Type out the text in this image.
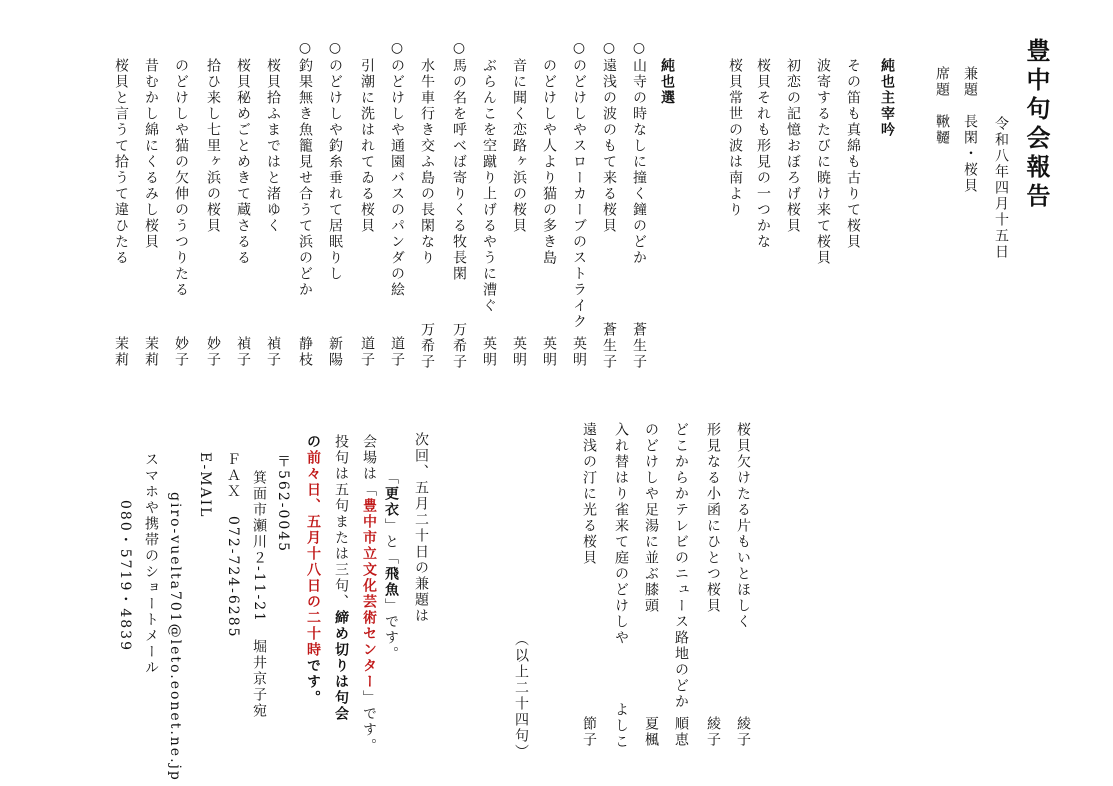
豊中句会報告
令和八年四月十五日
兼題　長閑・桜貝
席題　鞦韆
純也主宰吟
その笛も真綿も古りて桜貝
波寄するたびに暁け来て桜貝
初恋の記憶おぼろげ桜貝
桜貝それも形見の一つかな
桜貝常世の波は南より
純也選
○
山寺の時なしに撞く鐘のどか
蒼生子
○
遠浅の波のもて来る桜貝
蒼生子
○
のどけしやスローカーブのストライク
英明
のどけしや人より猫の多き島
英明
音に聞く恋路ヶ浜の桜貝
英明
ぶらんこを空蹴り上げるやうに漕ぐ
英明
○
馬の名を呼べば寄りくる牧長閑
万希子
水牛車行き交ふ島の長閑なり
万希子
○
のどけしや通園バスのパンダの絵
道子
引潮に洗はれてゐる桜貝
道子
○
のどけしや釣糸垂れて居眠りし
新陽
○
釣果無き魚籠見せ合うて浜のどか
静枝
桜貝拾ふまではと渚ゆく
禎子
桜貝秘めごとめきて蔵さるる
禎子
拾ひ来し七里ヶ浜の桜貝
妙子
のどけしや猫の欠伸のうつりたる
妙子
昔むかし綿にくるみし桜貝
茉莉
桜貝と言うて拾うて違ひたる
茉莉
桜貝欠けたる片もいとほしく
綾子
形見なる小函にひとつ桜貝
綾子
どこからかテレビのニュース路地のどか
順恵
のどけしや足湯に並ぶ膝頭
夏楓
入れ替はり雀来て庭のどけしや
よしこ
遠浅の汀に光る桜貝
節子
（以上二十四句）
次回、五月二十日の兼題は
「更衣」と「飛魚」です。
会場は「豊中市立文化芸術センター」です。
投句は五句または三句、締め切りは句会
の前々日、五月十八日の二十時です。
〒562-0045
箕面市瀬川２-11-21　堀井京子宛
ＦＡＸ　072-724-6285
E-MAIL
giro-vuelta701@leto.eonet.ne.jp
スマホや携帯のショートメール
080・5719・4839
